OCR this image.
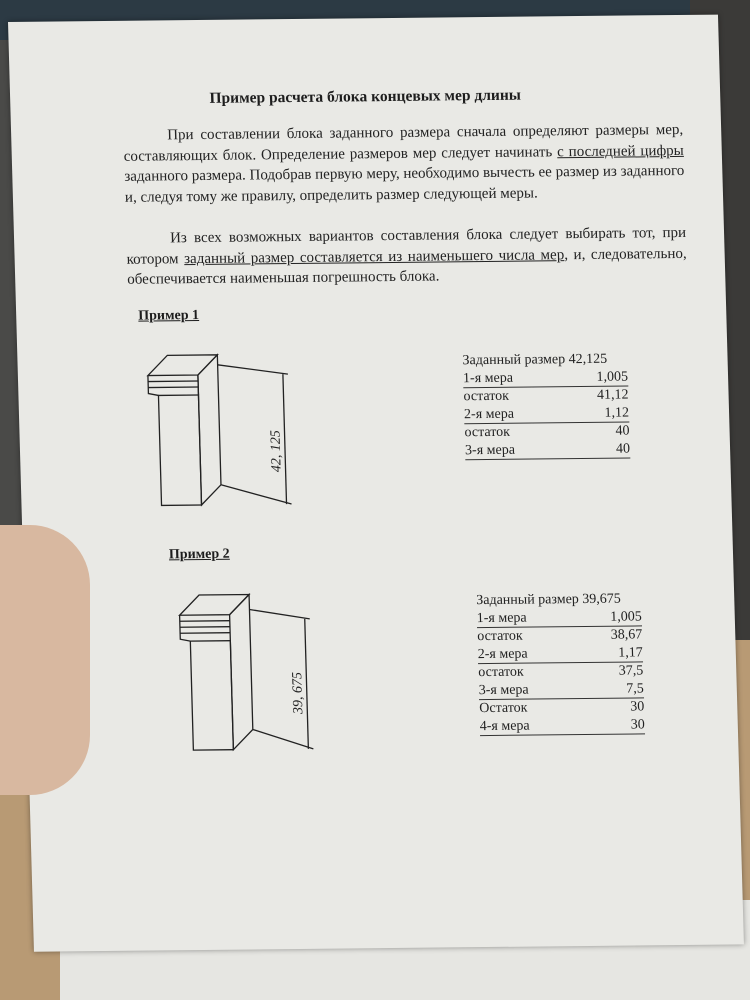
Пример расчета блока концевых мер длины
При составлении блока заданного размера сначала определяют размеры мер, составляющих блок. Определение размеров мер следует начинать с последней цифры заданного размера. Подобрав первую меру, необходимо вычесть ее размер из заданного и, следуя тому же правилу, определить размер следующей меры.
Из всех возможных вариантов составления блока следует выбирать тот, при котором заданный размер составляется из наименьшего числа мер, и, следовательно, обеспечивается наименьшая погрешность блока.
Пример 1
42, 125
Заданный размер 42,125
1-я мера	1,005
остаток	41,12
2-я мера	1,12
остаток	40
3-я мера	40
Пример 2
39, 675
Заданный размер 39,675
1-я мера	1,005
остаток	38,67
2-я мера	1,17
остаток	37,5
3-я мера	7,5
Остаток	30
4-я мера	30
